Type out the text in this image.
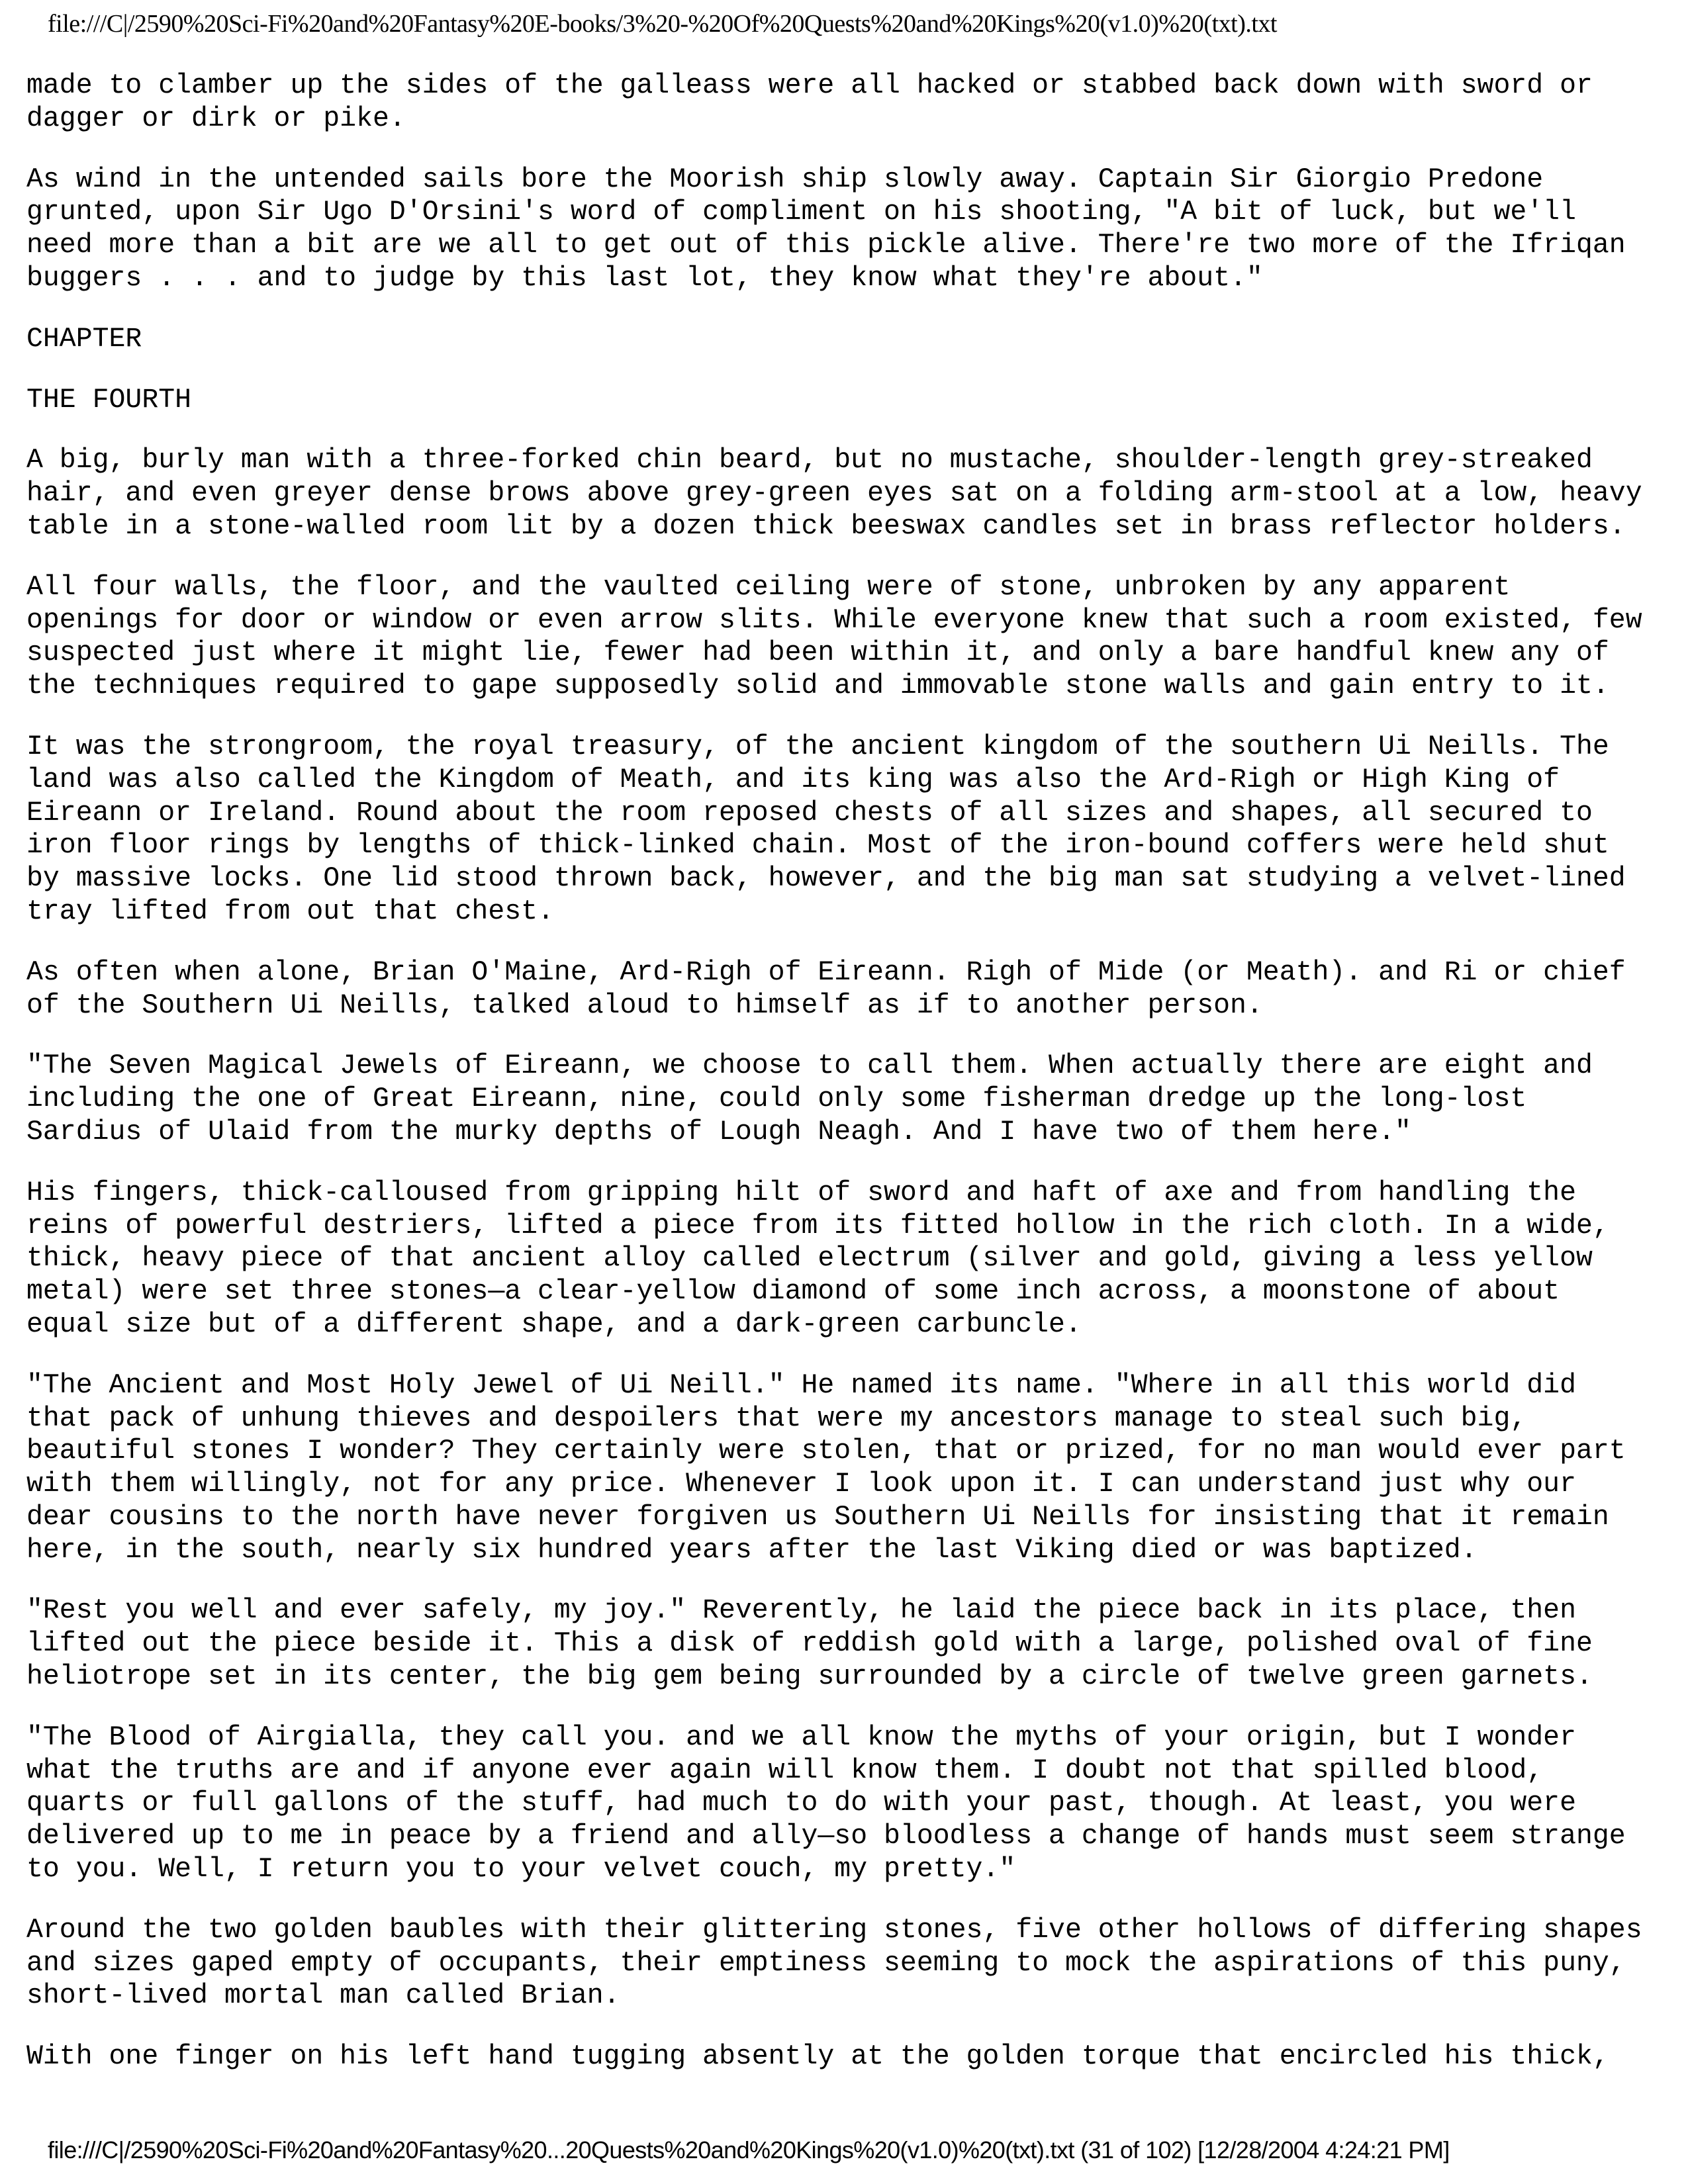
file:///C|/2590%20Sci-Fi%20and%20Fantasy%20E-books/3%20-%20Of%20Quests%20and%20Kings%20(v1.0)%20(txt).txt

made to clamber up the sides of the galleass were all hacked or stabbed back down with sword or
dagger or dirk or pike.

As wind in the untended sails bore the Moorish ship slowly away. Captain Sir Giorgio Predone
grunted, upon Sir Ugo D'Orsini's word of compliment on his shooting, "A bit of luck, but we'll
need more than a bit are we all to get out of this pickle alive. There're two more of the Ifriqan
buggers . . . and to judge by this last lot, they know what they're about."

CHAPTER

THE FOURTH

A big, burly man with a three-forked chin beard, but no mustache, shoulder-length grey-streaked
hair, and even greyer dense brows above grey-green eyes sat on a folding arm-stool at a low, heavy
table in a stone-walled room lit by a dozen thick beeswax candles set in brass reflector holders.

All four walls, the floor, and the vaulted ceiling were of stone, unbroken by any apparent
openings for door or window or even arrow slits. While everyone knew that such a room existed, few
suspected just where it might lie, fewer had been within it, and only a bare handful knew any of
the techniques required to gape supposedly solid and immovable stone walls and gain entry to it.

It was the strongroom, the royal treasury, of the ancient kingdom of the southern Ui Neills. The
land was also called the Kingdom of Meath, and its king was also the Ard-Righ or High King of
Eireann or Ireland. Round about the room reposed chests of all sizes and shapes, all secured to
iron floor rings by lengths of thick-linked chain. Most of the iron-bound coffers were held shut
by massive locks. One lid stood thrown back, however, and the big man sat studying a velvet-lined
tray lifted from out that chest.

As often when alone, Brian O'Maine, Ard-Righ of Eireann. Righ of Mide (or Meath). and Ri or chief
of the Southern Ui Neills, talked aloud to himself as if to another person.

"The Seven Magical Jewels of Eireann, we choose to call them. When actually there are eight and
including the one of Great Eireann, nine, could only some fisherman dredge up the long-lost
Sardius of Ulaid from the murky depths of Lough Neagh. And I have two of them here."

His fingers, thick-calloused from gripping hilt of sword and haft of axe and from handling the
reins of powerful destriers, lifted a piece from its fitted hollow in the rich cloth. In a wide,
thick, heavy piece of that ancient alloy called electrum (silver and gold, giving a less yellow
metal) were set three stones—a clear-yellow diamond of some inch across, a moonstone of about
equal size but of a different shape, and a dark-green carbuncle.

"The Ancient and Most Holy Jewel of Ui Neill." He named its name. "Where in all this world did
that pack of unhung thieves and despoilers that were my ancestors manage to steal such big,
beautiful stones I wonder? They certainly were stolen, that or prized, for no man would ever part
with them willingly, not for any price. Whenever I look upon it. I can understand just why our
dear cousins to the north have never forgiven us Southern Ui Neills for insisting that it remain
here, in the south, nearly six hundred years after the last Viking died or was baptized.

"Rest you well and ever safely, my joy." Reverently, he laid the piece back in its place, then
lifted out the piece beside it. This a disk of reddish gold with a large, polished oval of fine
heliotrope set in its center, the big gem being surrounded by a circle of twelve green garnets.

"The Blood of Airgialla, they call you. and we all know the myths of your origin, but I wonder
what the truths are and if anyone ever again will know them. I doubt not that spilled blood,
quarts or full gallons of the stuff, had much to do with your past, though. At least, you were
delivered up to me in peace by a friend and ally—so bloodless a change of hands must seem strange
to you. Well, I return you to your velvet couch, my pretty."

Around the two golden baubles with their glittering stones, five other hollows of differing shapes
and sizes gaped empty of occupants, their emptiness seeming to mock the aspirations of this puny,
short-lived mortal man called Brian.

With one finger on his left hand tugging absently at the golden torque that encircled his thick,

file:///C|/2590%20Sci-Fi%20and%20Fantasy%20...20Quests%20and%20Kings%20(v1.0)%20(txt).txt (31 of 102) [12/28/2004 4:24:21 PM]
